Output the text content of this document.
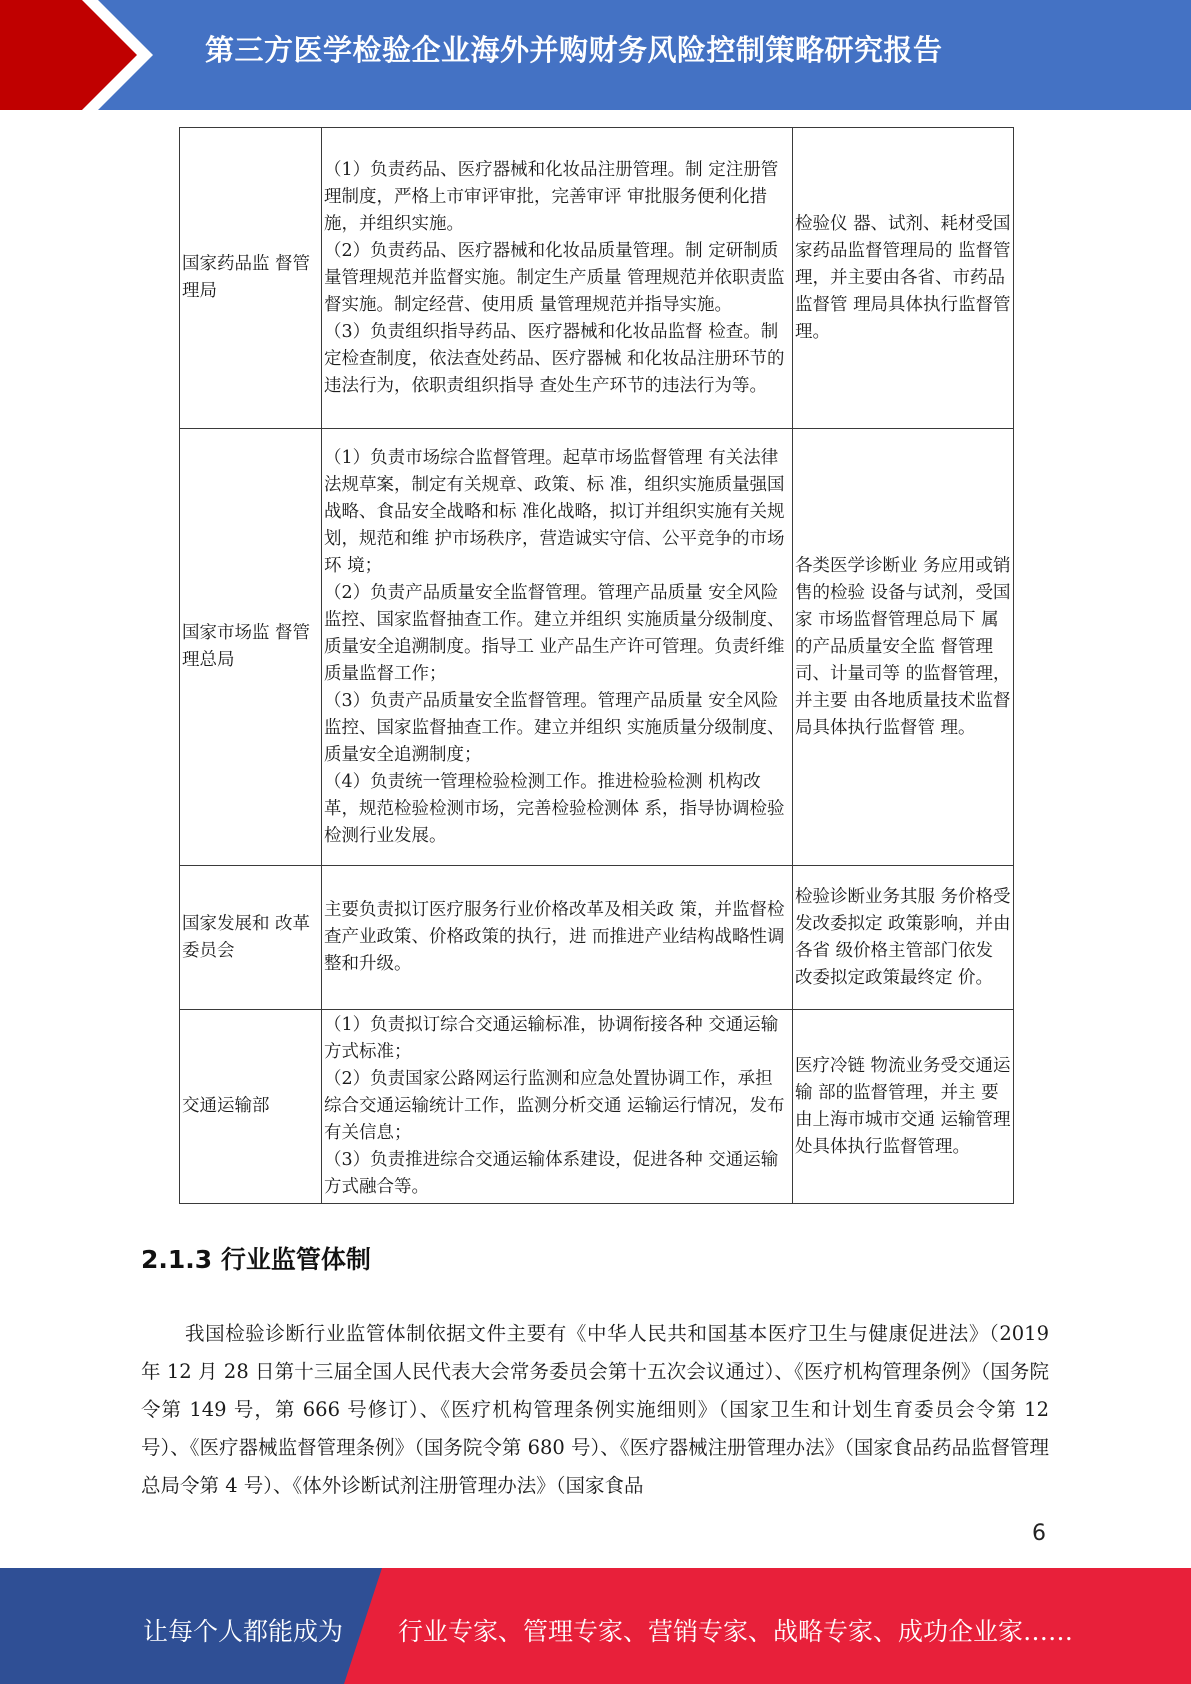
第三方医学检验企业海外并购财务风险控制策略研究报告
国家药品监 督管理局	（1）负责药品、医疗器械和化妆品注册管理。制 定注册管理制度，严格上市审评审批，完善审评 审批服务便利化措施，并组织实施。

（2）负责药品、医疗器械和化妆品质量管理。制 定研制质量管理规范并监督实施。制定生产质量 管理规范并依职责监督实施。制定经营、使用质 量管理规范并指导实施。

（3）负责组织指导药品、医疗器械和化妆品监督 检查。制定检查制度，依法查处药品、医疗器械 和化妆品注册环节的违法行为，依职责组织指导 查处生产环节的违法行为等。	检验仪 器、试剂、耗材受国 家药品监督管理局的 监督管理，并主要由各省、市药品监督管 理局具体执行监督管 理。
国家市场监 督管理总局	（1）负责市场综合监督管理。起草市场监督管理 有关法律法规草案，制定有关规章、政策、标 准，组织实施质量强国战略、食品安全战略和标 准化战略，拟订并组织实施有关规划，规范和维 护市场秩序，营造诚实守信、公平竞争的市场环 境；

（2）负责产品质量安全监督管理。管理产品质量 安全风险监控、国家监督抽查工作。建立并组织 实施质量分级制度、质量安全追溯制度。指导工 业产品生产许可管理。负责纤维质量监督工作；

（3）负责产品质量安全监督管理。管理产品质量 安全风险监控、国家监督抽查工作。建立并组织 实施质量分级制度、质量安全追溯制度；

（4）负责统一管理检验检测工作。推进检验检测 机构改革，规范检验检测市场，完善检验检测体 系，指导协调检验检测行业发展。	各类医学诊断业 务应用或销售的检验 设备与试剂，受国家 市场监督管理总局下 属的产品质量安全监 督管理司、计量司等 的监督管理，并主要 由各地质量技术监督局具体执行监督管 理。
国家发展和 改革委员会	主要负责拟订医疗服务行业价格改革及相关政 策，并监督检查产业政策、价格政策的执行，进 而推进产业结构战略性调整和升级。	检验诊断业务其服 务价格受发改委拟定 政策影响，并由各省 级价格主管部门依发 改委拟定政策最终定 价。
交通运输部	（1）负责拟订综合交通运输标准，协调衔接各种 交通运输方式标准；

（2）负责国家公路网运行监测和应急处置协调工作，承担综合交通运输统计工作，监测分析交通 运输运行情况，发布有关信息；

（3）负责推进综合交通运输体系建设，促进各种 交通运输方式融合等。	医疗冷链 物流业务受交通运输 部的监督管理，并主 要由上海市城市交通 运输管理处具体执行监督管理。
2.1.3 行业监管体制

我国检验诊断行业监管体制依据文件主要有《中华人民共和国基本医疗卫生与健康促进法》（2019 年 12 月 28 日第十三届全国人民代表大会常务委员会第十五次会议通过）、《医疗机构管理条例》（国务院令第 149 号，第 666 号修订）、《医疗机构管理条例实施细则》（国家卫生和计划生育委员会令第 12 号）、《医疗器械监督管理条例》（国务院令第 680 号）、《医疗器械注册管理办法》（国家食品药品监督管理总局令第 4 号）、《体外诊断试剂注册管理办法》（国家食品

6
让每个人都能成为 行业专家、管理专家、营销专家、战略专家、成功企业家……
